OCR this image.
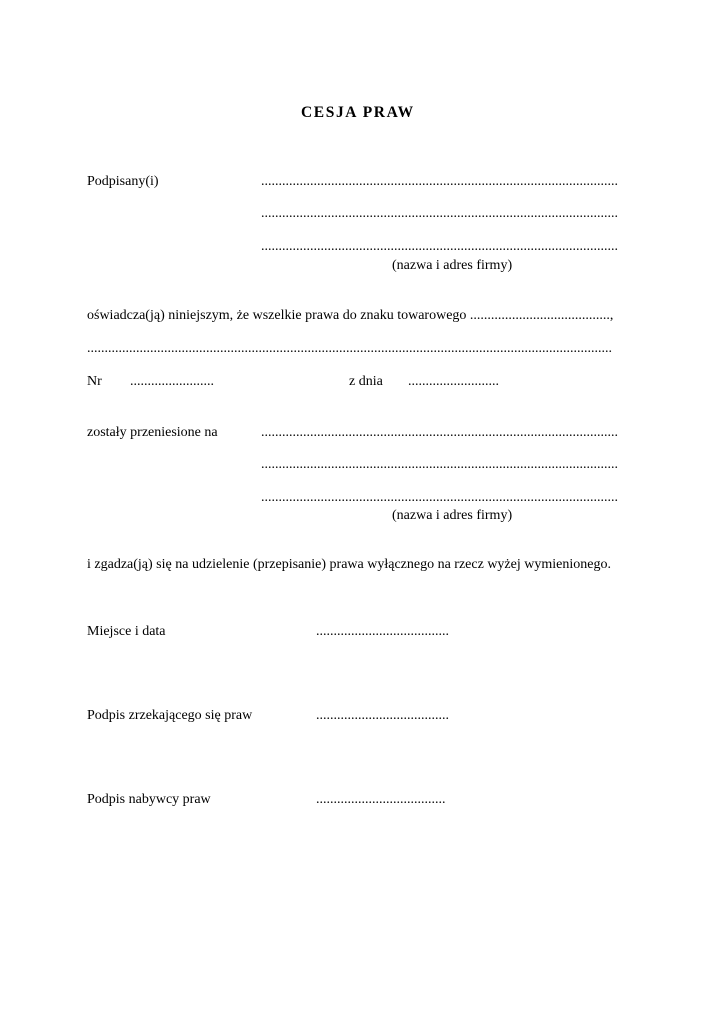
CESJA PRAW
Podpisany(i)	......................................................................................................
......................................................................................................
......................................................................................................
(nazwa i adres firmy)
oświadcza(ją) niniejszym, że wszelkie prawa do znaku towarowego ........................................,
......................................................................................................................................................
Nr ........................	z dnia ..........................
zostały przeniesione na	......................................................................................................
......................................................................................................
......................................................................................................
(nazwa i adres firmy)
i zgadza(ją) się na udzielenie (przepisanie) prawa wyłącznego na rzecz wyżej wymienionego.
Miejsce i data	......................................
Podpis zrzekającego się praw	......................................
Podpis nabywcy praw	.....................................
